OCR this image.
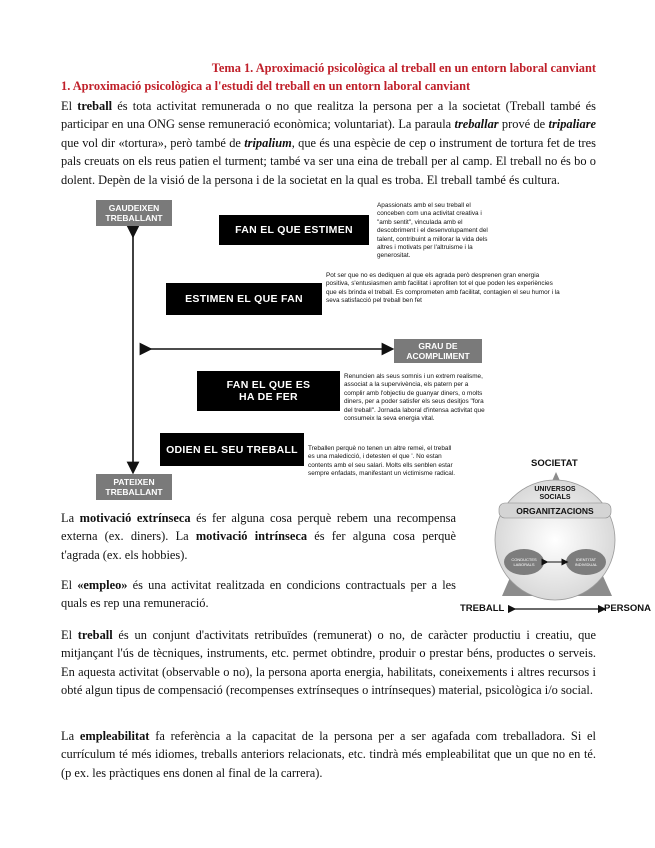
Tema 1. Aproximació psicològica al treball en un entorn laboral canviant
1. Aproximació psicològica a l'estudi del treball en un entorn laboral canviant

El treball és tota activitat remunerada o no que realitza la persona per a la societat (Treball també és participar en una ONG sense remuneració econòmica; voluntariat). La paraula treballar prové de tripaliare que vol dir «tortura», però també de tripalium, que és una espècie de cep o instrument de tortura fet de tres pals creuats on els reus patien el turment; també va ser una eina de treball per al camp. El treball no és bo o dolent. Depèn de la visió de la persona i de la societat en la qual es troba. El treball també és cultura.

GAUDEIXEN
TREBALLANT
PATEIXEN
TREBALLANT
GRAU DE
ACOMPLIMENT
FAN EL QUE ESTIMEN
ESTIMEN EL QUE FAN
FAN EL QUE ES
HA DE FER
ODIEN EL SEU TREBALL
Apassionats amb el seu treball el conceben com una activitat creativa i "amb sentit", vinculada amb el descobriment i el desenvolupament del talent, contribuint a millorar la vida dels altres i motivats per l'altruisme i la generositat.
Pot ser que no es dediquen al que els agrada però desprenen gran energia positiva, s'entusiasmen amb facilitat i aprofiten tot el que poden les experiències que els brinda el treball. Es comprometen amb facilitat, contagien el seu humor i la seva satisfacció pel treball ben fet
Renuncien als seus somnis i un extrem realisme, associat a la supervivència, els patern per a complir amb l'objectiu de guanyar diners, o molts diners, per a poder satisfer els seus desitjos "fora del treball". Jornada laboral d'intensa activitat que consumeix la seva energia vital.
Treballen perquè no tenen un altre remei, el treball es una maledicció, i detesten el que '. No estan contents amb el seu salari. Molts ells senblen estar sempre enfadats, manifestant un victimisme radical.
SOCIETAT
TREBALL	PERSONA
UNIVERSOS
SOCIALS
ORGANITZACIONS
CONDUCTES
LABORALS
IDENTITAT
INDIVIDUAL

La motivació extrínseca és fer alguna cosa perquè rebem una recompensa externa (ex. diners). La motivació intrínseca és fer alguna cosa perquè t'agrada (ex. els hobbies).

El «empleo» és una activitat realitzada en condicions contractuals per a les quals es rep una remuneració.

El treball és un conjunt d'activitats retribuïdes (remunerat) o no, de caràcter productiu i creatiu, que mitjançant l'ús de tècniques, instruments, etc. permet obtindre, produir o prestar béns, productes o serveis. En aquesta activitat (observable o no), la persona aporta energia, habilitats, coneixements i altres recursos i obté algun tipus de compensació (recompenses extrínseques o intrínseques) material, psicològica i/o social.

La empleabilitat fa referència a la capacitat de la persona per a ser agafada com treballadora. Si el currículum té més idiomes, treballs anteriors relacionats, etc. tindrà més empleabilitat que un que no en té. (p ex. les pràctiques ens donen al final de la carrera).
